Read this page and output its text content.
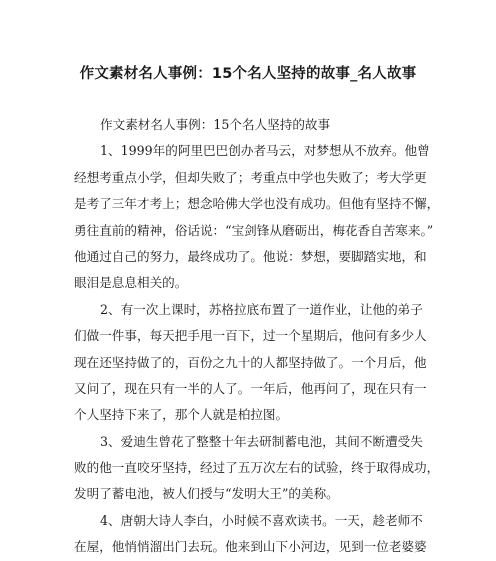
作文素材名人事例：15个名人坚持的故事_名人故事
作文素材名人事例：15个名人坚持的故事
1、1999年的阿里巴巴创办者马云，对梦想从不放弃。他曾
经想考重点小学，但却失败了；考重点中学也失败了；考大学更
是考了三年才考上；想念哈佛大学也没有成功。但他有坚持不懈，
勇往直前的精神，俗话说：“宝剑锋从磨砺出，梅花香自苦寒来。”
他通过自己的努力，最终成功了。他说：梦想，要脚踏实地，和
眼泪是息息相关的。
2、有一次上课时，苏格拉底布置了一道作业，让他的弟子
们做一件事，每天把手甩一百下，过一个星期后，他问有多少人
现在还坚持做了的，百份之九十的人都坚持做了。一个月后，他
又问了，现在只有一半的人了。一年后，他再问了，现在只有一
个人坚持下来了，那个人就是柏拉图。
3、爱迪生曾花了整整十年去研制蓄电池，其间不断遭受失
败的他一直咬牙坚持，经过了五万次左右的试验，终于取得成功，
发明了蓄电池，被人们授与“发明大王”的美称。
4、唐朝大诗人李白，小时候不喜欢读书。一天，趁老师不
在屋，他悄悄溜出门去玩。他来到山下小河边，见到一位老婆婆
